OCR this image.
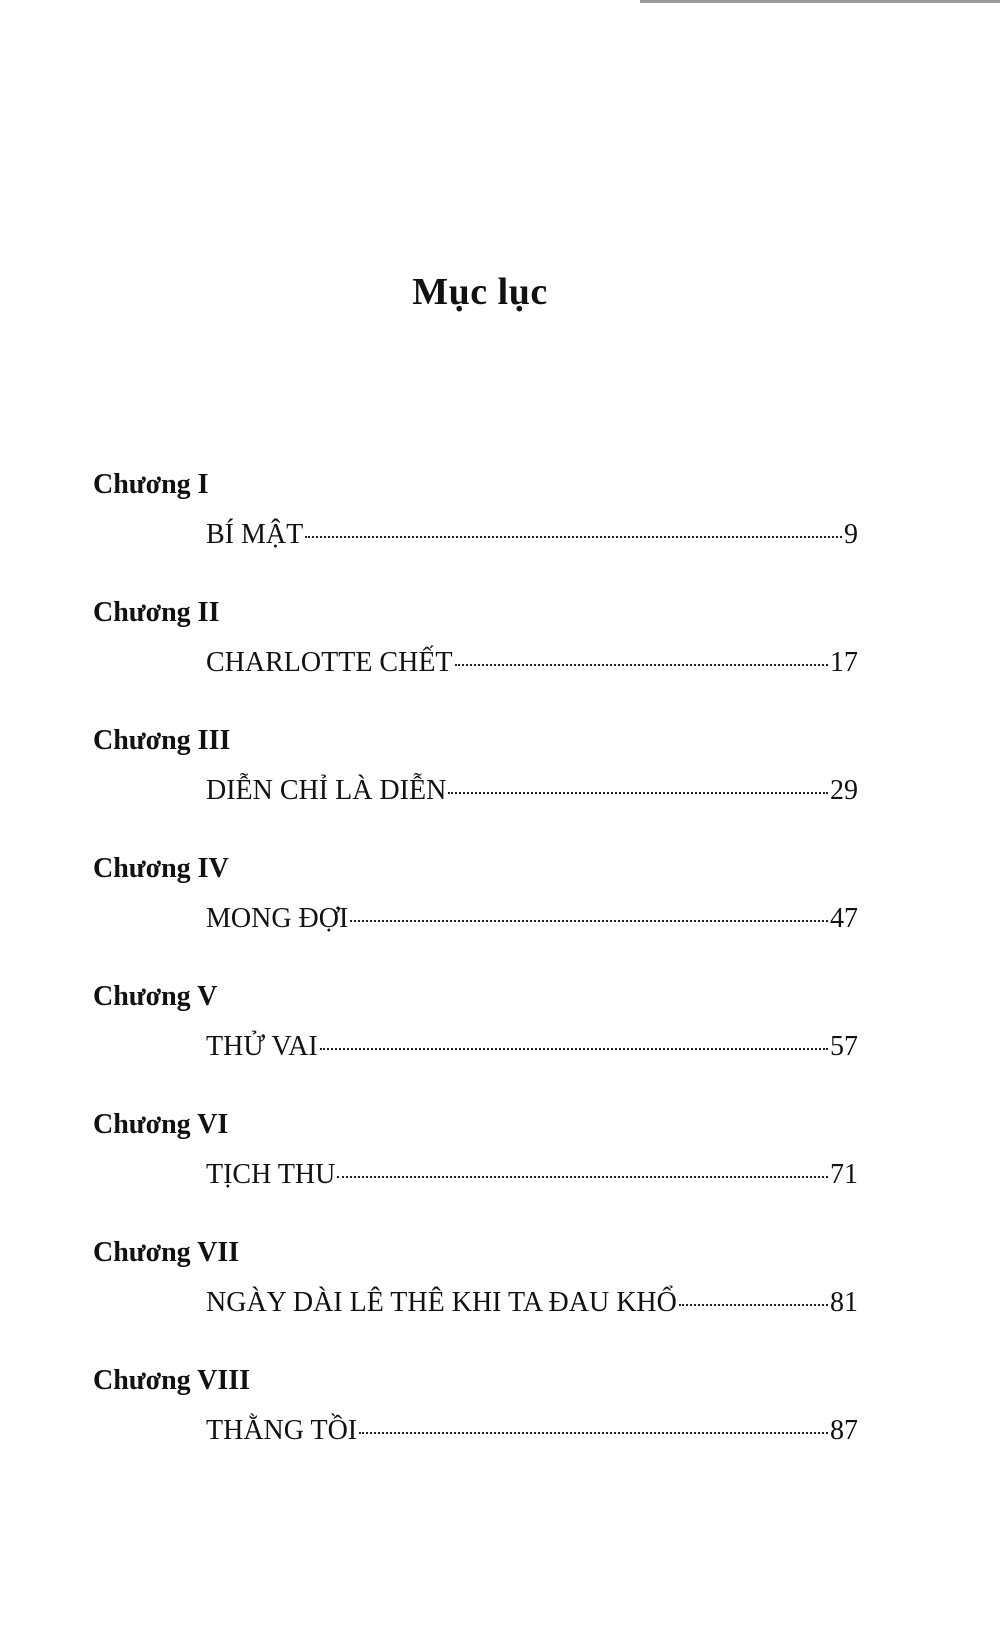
Mục lục
Chương I
BÍ MẬT	9
Chương II
CHARLOTTE CHẾT	17
Chương III
DIỄN CHỈ LÀ DIỄN	29
Chương IV
MONG ĐỢI	47
Chương V
THỬ VAI	57
Chương VI
TỊCH THU	71
Chương VII
NGÀY DÀI LÊ THÊ KHI TA ĐAU KHỔ	81
Chương VIII
THẰNG TỒI	87
